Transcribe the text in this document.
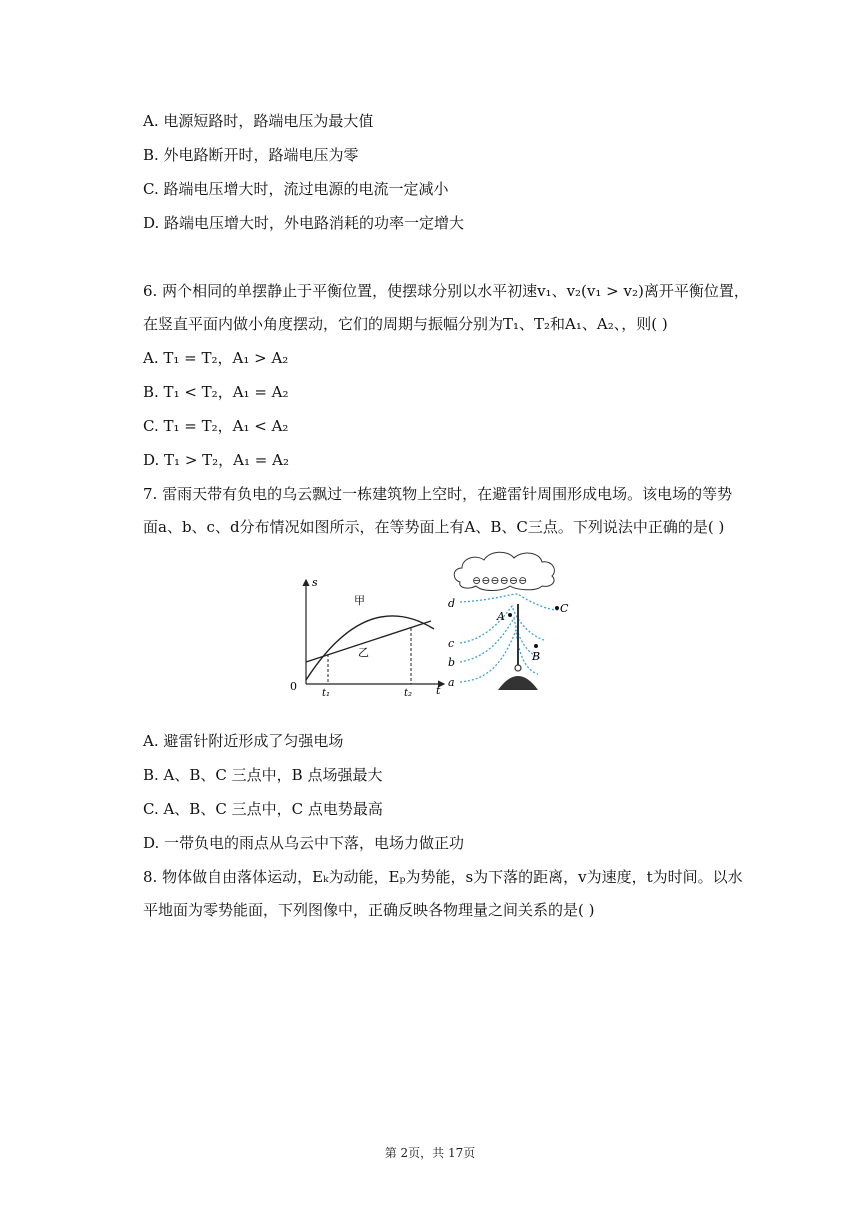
A. 电源短路时，路端电压为最大值
B. 外电路断开时，路端电压为零
C. 路端电压增大时，流过电源的电流一定减小
D. 路端电压增大时，外电路消耗的功率一定增大
6. 两个相同的单摆静止于平衡位置，使摆球分别以水平初速v₁、v₂(v₁ > v₂)离开平衡位置，
在竖直平面内做小角度摆动，它们的周期与振幅分别为T₁、T₂和A₁、A₂、，则( )
A. T₁ = T₂，A₁ > A₂
B. T₁ < T₂，A₁ = A₂
C. T₁ = T₂，A₁ < A₂
D. T₁ > T₂，A₁ = A₂
7. 雷雨天带有负电的乌云飘过一栋建筑物上空时，在避雷针周围形成电场。该电场的等势
面a、b、c、d分布情况如图所示，在等势面上有A、B、C三点。下列说法中正确的是( )
s
t
0
t₁	t₂
甲
乙
⊖⊖⊖⊖⊖⊖
d
c
b
a
A
B
C
A. 避雷针附近形成了匀强电场
B. A、B、C 三点中，B 点场强最大
C. A、B、C 三点中，C 点电势最高
D. 一带负电的雨点从乌云中下落，电场力做正功
8. 物体做自由落体运动，Eₖ为动能，Eₚ为势能，s为下落的距离，v为速度，t为时间。以水
平地面为零势能面，下列图像中，正确反映各物理量之间关系的是( )
第 2页，共 17页
